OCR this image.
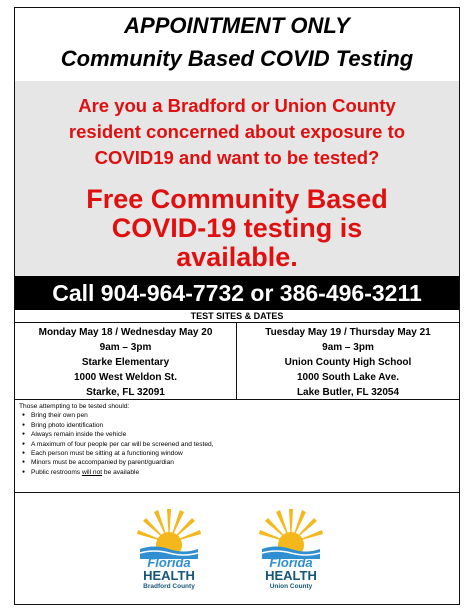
APPOINTMENT ONLY
Community Based COVID Testing
Are you a Bradford or Union County
resident concerned about exposure to
COVID19 and want to be tested?
Free Community Based
COVID-19 testing is
available.
Call 904-964-7732 or 386-496-3211
TEST SITES & DATES
Monday May 18 / Wednesday May 20
9am – 3pm
Starke Elementary
1000 West Weldon St.
Starke, FL 32091
Tuesday May 19 / Thursday May 21
9am – 3pm
Union County High School
1000 South Lake Ave.
Lake Butler, FL 32054
Those attempting to be tested should:
● Bring their own pen
● Bring photo identification
● Always remain inside the vehicle
● A maximum of four people per car will be screened and tested,
● Each person must be sitting at a functioning window
● Minors must be accompanied by parent/guardian
● Public restrooms will not be available
Florida
HEALTH
Bradford County
Florida
HEALTH
Union County
